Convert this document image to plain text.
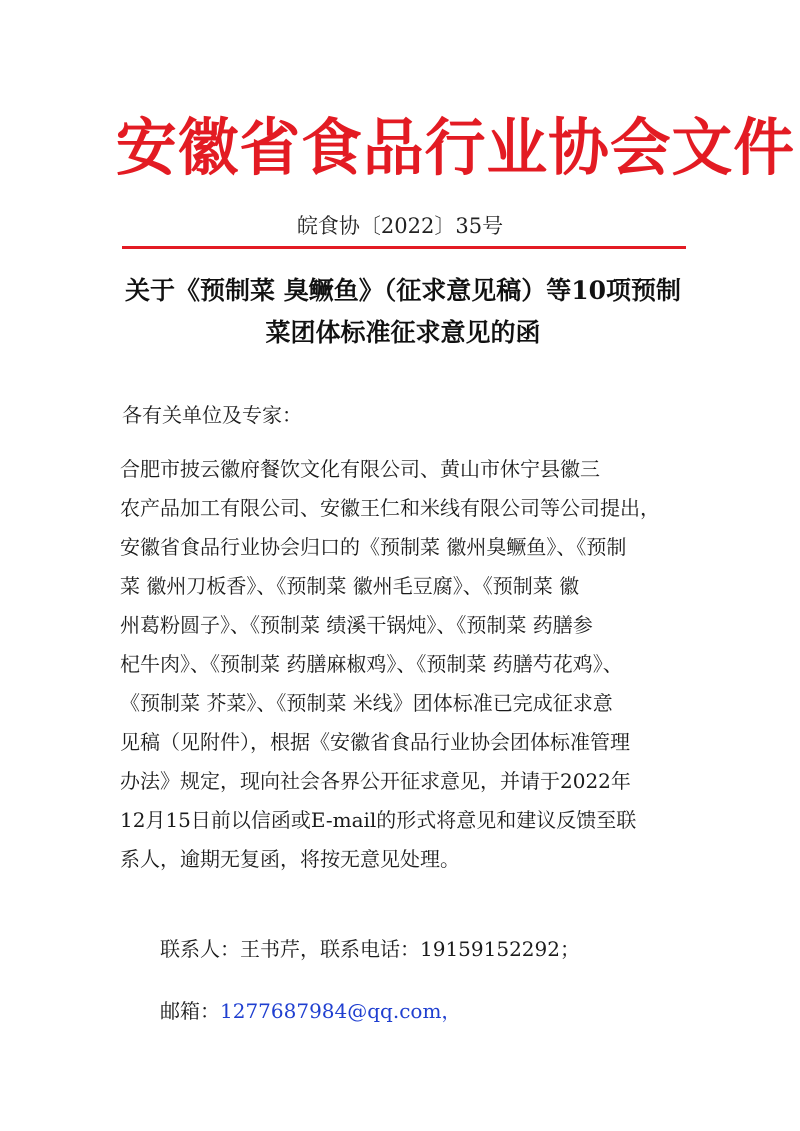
安徽省食品行业协会文件
皖食协〔2022〕35号
关于《预制菜 臭鳜鱼》（征求意见稿）等10项预制
菜团体标准征求意见的函
各有关单位及专家：
合肥市披云徽府餐饮文化有限公司、黄山市休宁县徽三
农产品加工有限公司、安徽王仁和米线有限公司等公司提出，
安徽省食品行业协会归口的《预制菜 徽州臭鳜鱼》、《预制
菜 徽州刀板香》、《预制菜 徽州毛豆腐》、《预制菜 徽
州葛粉圆子》、《预制菜 绩溪干锅炖》、《预制菜 药膳参
杞牛肉》、《预制菜 药膳麻椒鸡》、《预制菜 药膳芍花鸡》、
《预制菜 芥菜》、《预制菜 米线》团体标准已完成征求意
见稿（见附件），根据《安徽省食品行业协会团体标准管理
办法》规定，现向社会各界公开征求意见，并请于2022年
12月15日前以信函或E-mail的形式将意见和建议反馈至联
系人，逾期无复函，将按无意见处理。
联系人：王书芹，联系电话：19159152292；
邮箱：1277687984@qq.com，
